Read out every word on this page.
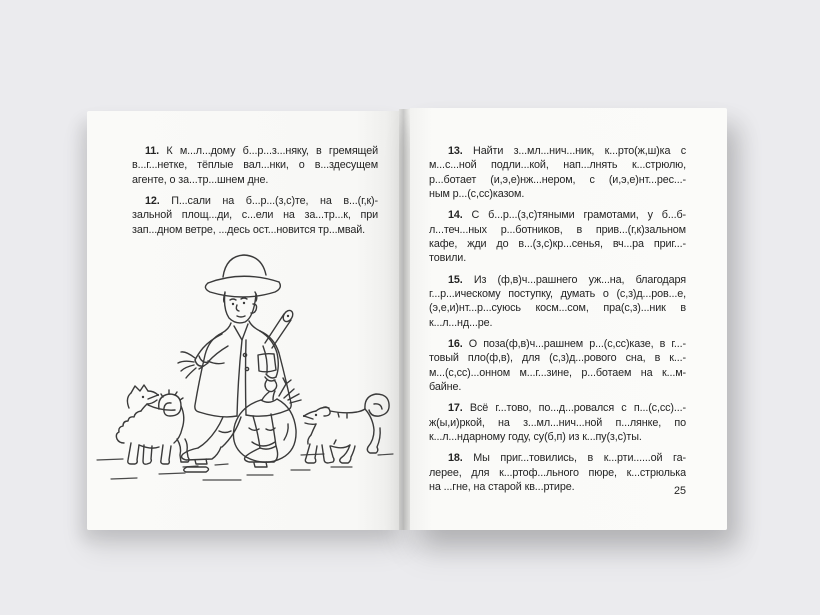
11. К м...л...дому б...р...з...няку, в гремящей
в...г...нетке, тёплые вал...нки, о в...здесущем
агенте, о за...тр...шнем дне.
12. П...сали на б...р...(з,с)те, на в...(г,к)-
зальной площ...ди, с...ели на за...тр...к, при
зап...дном ветре, ...десь ост...новится тр...мвай.
13. Найти з...мл...нич...ник, к...рто(ж,ш)ка с
м...с...ной подли...кой, нап...лнять к...стрюлю,
р...ботает (и,э,е)нж...нером, с (и,э,е)нт...рес...-
ным р...(с,сс)казом.
14. С б...р...(з,с)тяными грамотами, у б...б-
л...теч...ных р...ботников, в прив...(г,к)зальном
кафе, жди до в...(з,с)кр...сенья, вч...ра приг...-
товили.
15. Из (ф,в)ч...рашнего уж...на, благодаря
г...р...ическому поступку, думать о (с,з)д...ров...е,
(э,е,и)нт...р...суюсь косм...сом, пра(с,з)...ник в
к...л...нд...ре.
16. О поза(ф,в)ч...рашнем р...(с,сс)казе, в г...-
товый пло(ф,в), для (с,з)д...рового сна, в к...-
м...(с,сс)...онном м...г...зине, р...ботаем на к...м-
байне.
17. Всё г...тово, по...д...ровался с п...(с,сс)...-
ж(ы,и)ркой, на з...мл...нич...ной п...лянке, по
к...л...ндарному году, су(б,п) из к...пу(з,с)ты.
18. Мы приг...товились, в к...рти......ой га-
лерее, для к...ртоф...льного пюре, к...стрюлька
на ...гне, на старой кв...ртире.	25
